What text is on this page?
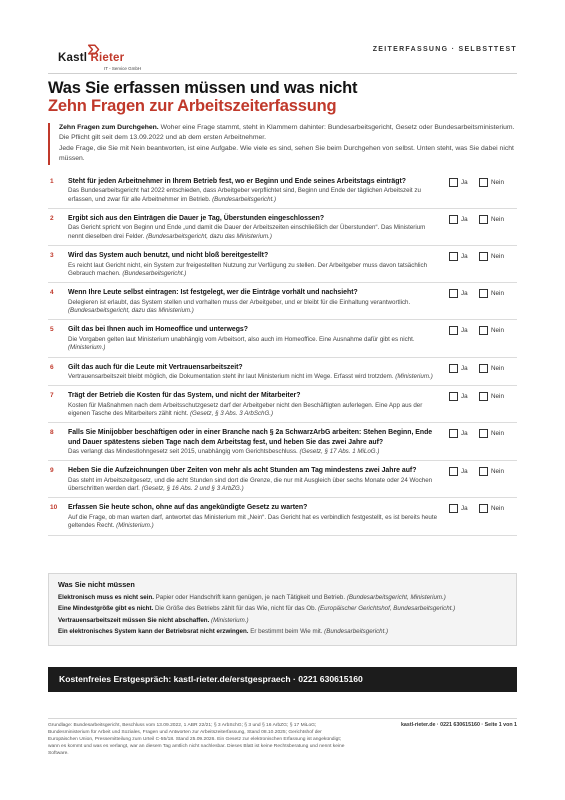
Kastl Rieter
IT - Service GmbH
ZEITERFASSUNG · SELBSTTEST
Was Sie erfassen müssen und was nicht
Zehn Fragen zur Arbeitszeiterfassung

Zehn Fragen zum Durchgehen. Woher eine Frage stammt, steht in Klammern dahinter: Bundesarbeitsgericht, Gesetz oder Bundesarbeitsministerium. Die Pflicht gilt seit dem 13.09.2022 und ab dem ersten Arbeitnehmer.

Jede Frage, die Sie mit Nein beantworten, ist eine Aufgabe. Wie viele es sind, sehen Sie beim Durchgehen von selbst. Unten steht, was Sie dabei nicht müssen.

1 Steht für jeden Arbeitnehmer in Ihrem Betrieb fest, wo er Beginn und Ende seines Arbeitstags einträgt?
Das Bundesarbeitsgericht hat 2022 entschieden, dass Arbeitgeber verpflichtet sind, Beginn und Ende der täglichen Arbeitszeit zu erfassen, und zwar für alle Arbeitnehmer im Betrieb. (Bundesarbeitsgericht.)
Ja	Nein
2 Ergibt sich aus den Einträgen die Dauer je Tag, Überstunden eingeschlossen?
Das Gericht spricht von Beginn und Ende „und damit die Dauer der Arbeitszeiten einschließlich der Überstunden“. Das Ministerium nennt dieselben drei Felder. (Bundesarbeitsgericht, dazu das Ministerium.)
Ja	Nein
3 Wird das System auch benutzt, und nicht bloß bereitgestellt?
Es reicht laut Gericht nicht, ein System zur freigestellten Nutzung zur Verfügung zu stellen. Der Arbeitgeber muss davon tatsächlich Gebrauch machen. (Bundesarbeitsgericht.)
Ja	Nein
4 Wenn Ihre Leute selbst eintragen: Ist festgelegt, wer die Einträge vorhält und nachsieht?
Delegieren ist erlaubt, das System stellen und vorhalten muss der Arbeitgeber, und er bleibt für die Einhaltung verantwortlich. (Bundesarbeitsgericht, dazu das Ministerium.)
Ja	Nein
5 Gilt das bei Ihnen auch im Homeoffice und unterwegs?
Die Vorgaben gelten laut Ministerium unabhängig vom Arbeitsort, also auch im Homeoffice. Eine Ausnahme dafür gibt es nicht. (Ministerium.)
Ja	Nein
6 Gilt das auch für die Leute mit Vertrauensarbeitszeit?
Vertrauensarbeitszeit bleibt möglich, die Dokumentation steht ihr laut Ministerium nicht im Wege. Erfasst wird trotzdem. (Ministerium.)
Ja	Nein
7 Trägt der Betrieb die Kosten für das System, und nicht der Mitarbeiter?
Kosten für Maßnahmen nach dem Arbeitsschutzgesetz darf der Arbeitgeber nicht den Beschäftigten auferlegen. Eine App aus der eigenen Tasche des Mitarbeiters zählt nicht. (Gesetz, § 3 Abs. 3 ArbSchG.)
Ja	Nein
8 Falls Sie Minijobber beschäftigen oder in einer Branche nach § 2a SchwarzArbG arbeiten: Stehen Beginn, Ende und Dauer spätestens sieben Tage nach dem Arbeitstag fest, und heben Sie das zwei Jahre auf?
Das verlangt das Mindestlohngesetz seit 2015, unabhängig vom Gerichtsbeschluss. (Gesetz, § 17 Abs. 1 MiLoG.)
Ja	Nein
9 Heben Sie die Aufzeichnungen über Zeiten von mehr als acht Stunden am Tag mindestens zwei Jahre auf?
Das steht im Arbeitszeitgesetz, und die acht Stunden sind dort die Grenze, die nur mit Ausgleich über sechs Monate oder 24 Wochen überschritten werden darf. (Gesetz, § 16 Abs. 2 und § 3 ArbZG.)
Ja	Nein
10 Erfassen Sie heute schon, ohne auf das angekündigte Gesetz zu warten?
Auf die Frage, ob man warten darf, antwortet das Ministerium mit „Nein“. Das Gericht hat es verbindlich festgestellt, es ist bereits heute geltendes Recht. (Ministerium.)
Ja	Nein
Was Sie nicht müssen

Elektronisch muss es nicht sein. Papier oder Handschrift kann genügen, je nach Tätigkeit und Betrieb. (Bundesarbeitsgericht, Ministerium.)

Eine Mindestgröße gibt es nicht. Die Größe des Betriebs zählt für das Wie, nicht für das Ob. (Europäischer Gerichtshof, Bundesarbeitsgericht.)

Vertrauensarbeitszeit müssen Sie nicht abschaffen. (Ministerium.)

Ein elektronisches System kann der Betriebsrat nicht erzwingen. Er bestimmt beim Wie mit. (Bundesarbeitsgericht.)

Kostenfreies Erstgespräch: kastl-rieter.de/erstgespraech · 0221 630615160
Grundlage: Bundesarbeitsgericht, Beschluss vom 13.09.2022, 1 ABR 22/21; § 3 ArbSchG; § 3 und § 16 ArbZG; § 17 MiLoG; Bundesministerium für Arbeit und Soziales, Fragen und Antworten zur Arbeitszeiterfassung, Stand 08.10.2025; Gerichtshof der Europäischen Union, Pressemitteilung zum Urteil C-55/18. Stand 25.09.2026. Ein Gesetz zur elektronischen Erfassung ist angekündigt; wann es kommt und was es verlangt, war an diesem Tag amtlich nicht nachlesbar. Dieses Blatt ist keine Rechtsberatung und nennt keine Software.
kastl-rieter.de · 0221 630615160 · Seite 1 von 1
